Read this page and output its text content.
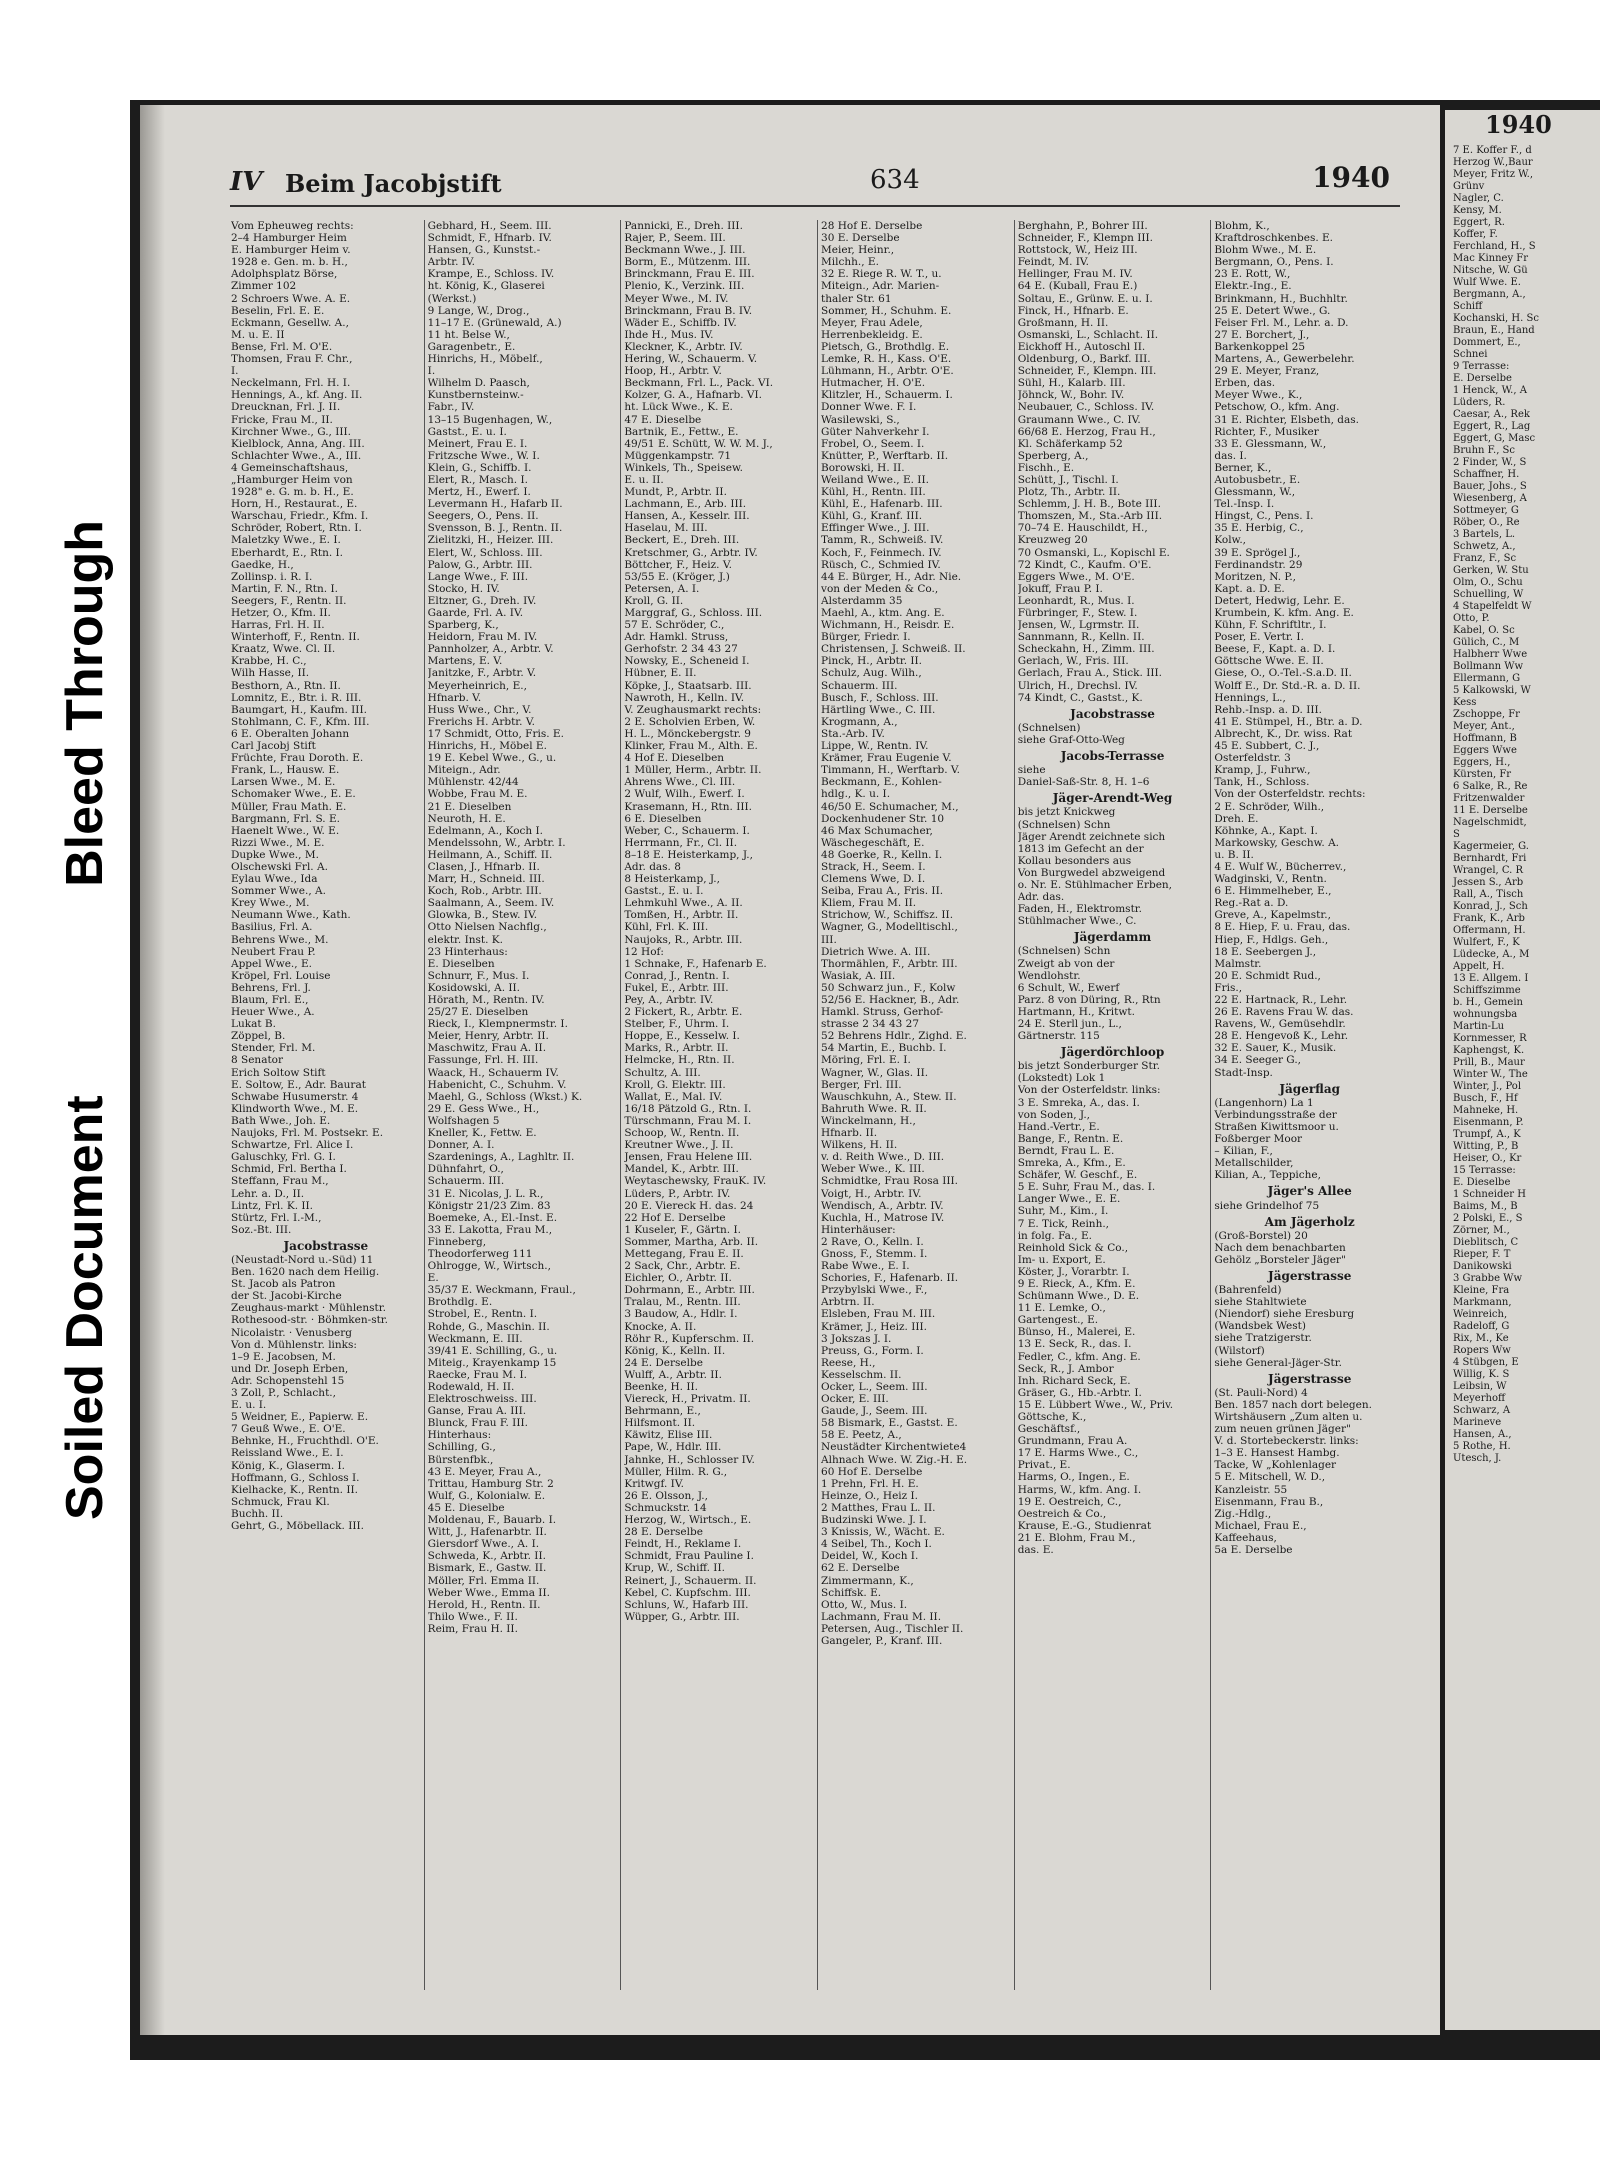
Soiled Document
Bleed Through
IV Beim Jacobjstift	634	1940
Vom Epheuweg rechts:
2–4 Hamburger Heim
E. Hamburger Heim v.
1928 e. Gen. m. b. H.,
Adolphsplatz Börse,
Zimmer 102
2 Schroers Wwe. A. E.
Beselin, Frl. E. E.
Eckmann, Gesellw. A.,
M. u. E. II
Bense, Frl. M. O'E.
Thomsen, Frau F. Chr.,
I.
Neckelmann, Frl. H. I.
Hennings, A., kf. Ang. II.
Dreucknan, Frl. J. II.
Fricke, Frau M., II.
Kirchner Wwe., G., III.
Kielblock, Anna, Ang. III.
Schlachter Wwe., A., III.
4 Gemeinschaftshaus,
„Hamburger Heim von
1928" e. G. m. b. H., E.
Horn, H., Restaurat., E.
Warschau, Friedr., Kfm. I.
Schröder, Robert, Rtn. I.
Maletzky Wwe., E. I.
Eberhardt, E., Rtn. I.
Gaedke, H.,
Zollinsp. i. R. I.
Martin, F. N., Rtn. I.
Seegers, F., Rentn. II.
Hetzer, O., Kfm. II.
Harras, Frl. H. II.
Winterhoff, F., Rentn. II.
Kraatz, Wwe. Cl. II.
Krabbe, H. C.,
Wilh Hasse, II.
Besthorn, A., Rtn. II.
Lomnitz, E., Btr. i. R. III.
Baumgart, H., Kaufm. III.
Stohlmann, C. F., Kfm. III.
6 E. Oberalten Johann
Carl Jacobj Stift
Früchte, Frau Doroth. E.
Frank, L., Hausw. E.
Larsen Wwe., M. E.
Schomaker Wwe., E. E.
Müller, Frau Math. E.
Bargmann, Frl. S. E.
Haenelt Wwe., W. E.
Rizzi Wwe., M. E.
Dupke Wwe., M.
Olschewski Frl. A.
Eylau Wwe., Ida
Sommer Wwe., A.
Krey Wwe., M.
Neumann Wwe., Kath.
Basilius, Frl. A.
Behrens Wwe., M.
Neubert Frau P.
Appel Wwe., E.
Kröpel, Frl. Louise
Behrens, Frl. J.
Blaum, Frl. E.,
Heuer Wwe., A.
Lukat B.
Zöppel, B.
Stender, Frl. M.
8 Senator
Erich Soltow Stift
E. Soltow, E., Adr. Baurat
Schwabe Husumerstr. 4
Klindworth Wwe., M. E.
Bath Wwe., Joh. E.
Naujoks, Frl. M. Postsekr. E.
Schwartze, Frl. Alice I.
Galuschky, Frl. G. I.
Schmid, Frl. Bertha I.
Steffann, Frau M.,
Lehr. a. D., II.
Lintz, Frl. K. II.
Stürtz, Frl. I.-M.,
Soz.-Bt. III.
Jacobstrasse
(Neustadt-Nord u.-Süd) 11
Ben. 1620 nach dem Heilig.
St. Jacob als Patron
der St. Jacobi-Kirche
Zeughaus-markt · Mühlenstr.
Rothesood-str. · Böhmken-str.
Nicolaistr. · Venusberg
Von d. Mühlenstr. links:
1–9 E. Jacobsen, M.
und Dr. Joseph Erben,
Adr. Schopenstehl 15
3 Zoll, P., Schlacht.,
E. u. I.
5 Weidner, E., Papierw. E.
7 Geuß Wwe., E. O'E.
Behnke, H., Fruchthdl. O'E.
Reissland Wwe., E. I.
König, K., Glaserm. I.
Hoffmann, G., Schloss I.
Kielhacke, K., Rentn. II.
Schmuck, Frau Kl.
Buchh. II.
Gehrt, G., Möbellack. III.
Gebhard, H., Seem. III.
Schmidt, F., Hfnarb. IV.
Hansen, G., Kunstst.-
Arbtr. IV.
Krampe, E., Schloss. IV.
ht. König, K., Glaserei
(Werkst.)
9 Lange, W., Drog.,
11–17 E. (Grünewald, A.)
11 ht. Belse W.,
Garagenbetr., E.
Hinrichs, H., Möbelf.,
I.
Wilhelm D. Paasch,
Kunstbernsteinw.-
Fabr., IV.
13–15 Bugenhagen, W.,
Gastst., E. u. I.
Meinert, Frau E. I.
Fritzsche Wwe., W. I.
Klein, G., Schiffb. I.
Elert, R., Masch. I.
Mertz, H., Ewerf. I.
Levermann H., Hafarb II.
Seegers, O., Pens. II.
Svensson, B. J., Rentn. II.
Zielitzki, H., Heizer. III.
Elert, W., Schloss. III.
Palow, G., Arbtr. III.
Lange Wwe., F. III.
Stocko, H. IV.
Eltzner, G., Dreh. IV.
Gaarde, Frl. A. IV.
Sparberg, K.,
Heidorn, Frau M. IV.
Pannholzer, A., Arbtr. V.
Martens, E. V.
Janitzke, F., Arbtr. V.
Meyerheinrich, E.,
Hfnarb. V.
Huss Wwe., Chr., V.
Frerichs H. Arbtr. V.
17 Schmidt, Otto, Fris. E.
Hinrichs, H., Möbel E.
19 E. Kebel Wwe., G., u.
Miteign., Adr.
Mühlenstr. 42/44
Wobbe, Frau M. E.
21 E. Dieselben
Neuroth, H. E.
Edelmann, A., Koch I.
Mendelssohn, W., Arbtr. I.
Heilmann, A., Schiff. II.
Clasen, J., Hfnarb. II.
Marr, H., Schneid. III.
Koch, Rob., Arbtr. III.
Saalmann, A., Seem. IV.
Glowka, B., Stew. IV.
Otto Nielsen Nachflg.,
elektr. Inst. K.
23 Hinterhaus:
E. Dieselben
Schnurr, F., Mus. I.
Kosidowski, A. II.
Hörath, M., Rentn. IV.
25/27 E. Dieselben
Rieck, I., Klempnermstr. I.
Meier, Henry, Arbtr. II.
Maschwitz, Frau A. II.
Fassunge, Frl. H. III.
Waack, H., Schauerm IV.
Habenicht, C., Schuhm. V.
Maehl, G., Schloss (Wkst.) K.
29 E. Gess Wwe., H.,
Wolfshagen 5
Kneller, K., Fettw. E.
Donner, A. I.
Szardenings, A., Laghltr. II.
Dühnfahrt, O.,
Schauerm. III.
31 E. Nicolas, J. L. R.,
Königstr 21/23 Zim. 83
Boemeke, A., El.-Inst. E.
33 E. Lakotta, Frau M.,
Finneberg,
Theodorferweg 111
Ohlrogge, W., Wirtsch.,
E.
35/37 E. Weckmann, Fraul.,
Brothdlg. E.
Strobel, E., Rentn. I.
Rohde, G., Maschin. II.
Weckmann, E. III.
39/41 E. Schilling, G., u.
Miteig., Krayenkamp 15
Raecke, Frau M. I.
Rodewald, H. II.
Elektroschweiss. III.
Ganse, Frau A. III.
Blunck, Frau F. III.
Hinterhaus:
Schilling, G.,
Bürstenfbk.,
43 E. Meyer, Frau A.,
Trittau, Hamburg Str. 2
Wulf, G., Kolonialw. E.
45 E. Dieselbe
Moldenau, F., Bauarb. I.
Witt, J., Hafenarbtr. II.
Giersdorf Wwe., A. I.
Schweda, K., Arbtr. II.
Bismark, E., Gastw. II.
Möller, Frl. Emma II.
Weber Wwe., Emma II.
Herold, H., Rentn. II.
Thilo Wwe., F. II.
Reim, Frau H. II.
Pannicki, E., Dreh. III.
Rajer, P., Seem. III.
Beckmann Wwe., J. III.
Borm, E., Mützenm. III.
Brinckmann, Frau E. III.
Plenio, K., Verzink. III.
Meyer Wwe., M. IV.
Brinckmann, Frau B. IV.
Wäder E., Schiffb. IV.
Ihde H., Mus. IV.
Kleckner, K., Arbtr. IV.
Hering, W., Schauerm. V.
Hoop, H., Arbtr. V.
Beckmann, Frl. L., Pack. VI.
Kolzer, G. A., Hafnarb. VI.
ht. Lück Wwe., K. E.
47 E. Dieselbe
Bartnik, E., Fettw., E.
49/51 E. Schütt, W. W. M. J.,
Müggenkampstr. 71
Winkels, Th., Speisew.
E. u. II.
Mundt, P., Arbtr. II.
Lachmann, E., Arb. III.
Hansen, A., Kesselr. III.
Haselau, M. III.
Beckert, E., Dreh. III.
Kretschmer, G., Arbtr. IV.
Böttcher, F., Heiz. V.
53/55 E. (Kröger, J.)
Petersen, A. I.
Kroll, G. II.
Marggraf, G., Schloss. III.
57 E. Schröder, C.,
Adr. Hamkl. Struss,
Gerhofstr. 2 34 43 27
Nowsky, E., Scheneid I.
Hübner, E. II.
Köpke, J., Staatsarb. III.
Nawroth, H., Kelln. IV.
V. Zeughausmarkt rechts:
2 E. Scholvien Erben, W.
H. L., Mönckebergstr. 9
Klinker, Frau M., Alth. E.
4 Hof E. Dieselben
1 Müller, Herm., Arbtr. II.
Ahrens Wwe., Cl. III.
2 Wulf, Wilh., Ewerf. I.
Krasemann, H., Rtn. III.
6 E. Dieselben
Weber, C., Schauerm. I.
Herrmann, Fr., Cl. II.
8–18 E. Heisterkamp, J.,
Adr. das. 8
8 Heisterkamp, J.,
Gastst., E. u. I.
Lehmkuhl Wwe., A. II.
Tomßen, H., Arbtr. II.
Kühl, Frl. K. III.
Naujoks, R., Arbtr. III.
12 Hof:
1 Schnake, F., Hafenarb E.
Conrad, J., Rentn. I.
Fukel, E., Arbtr. III.
Pey, A., Arbtr. IV.
2 Fickert, R., Arbtr. E.
Stelber, F., Uhrm. I.
Hoppe, E., Kesselw. I.
Marks, R., Arbtr. II.
Helmcke, H., Rtn. II.
Schultz, A. III.
Kroll, G. Elektr. III.
Wallat, E., Mal. IV.
16/18 Pätzold G., Rtn. I.
Türschmann, Frau M. I.
Schoop, W., Rentn. II.
Kreutner Wwe., J. II.
Jensen, Frau Helene III.
Mandel, K., Arbtr. III.
Weytaschewsky, FrauK. IV.
Lüders, P., Arbtr. IV.
20 E. Viereck H. das. 24
22 Hof E. Derselbe
1 Kuseler, F., Gärtn. I.
Sommer, Martha, Arb. II.
Mettegang, Frau E. II.
2 Sack, Chr., Arbtr. E.
Eichler, O., Arbtr. II.
Dohrmann, E., Arbtr. III.
Tralau, M., Rentn. III.
3 Baudow, A., Hdlr. I.
Knocke, A. II.
Röhr R., Kupferschm. II.
König, K., Kelln. II.
24 E. Derselbe
Wulff, A., Arbtr. II.
Beenke, H. II.
Viereck, H., Privatm. II.
Behrmann, E.,
Hilfsmont. II.
Käwitz, Elise III.
Pape, W., Hdlr. III.
Jahnke, H., Schlosser IV.
Müller, Hilm. R. G.,
Kritwgf. IV.
26 E. Olsson, J.,
Schmuckstr. 14
Herzog, W., Wirtsch., E.
28 E. Derselbe
Feindt, H., Reklame I.
Schmidt, Frau Pauline I.
Krup, W., Schiff. II.
Reinert, J., Schauerm. II.
Kebel, C. Kupfschm. III.
Schluns, W., Hafarb III.
Wüpper, G., Arbtr. III.
28 Hof E. Derselbe
30 E. Derselbe
Meier, Heinr.,
Milchh., E.
32 E. Riege R. W. T., u.
Miteign., Adr. Marien-
thaler Str. 61
Sommer, H., Schuhm. E.
Meyer, Frau Adele,
Herrenbekleidg. E.
Pietsch, G., Brothdlg. E.
Lemke, R. H., Kass. O'E.
Lühmann, H., Arbtr. O'E.
Hutmacher, H. O'E.
Klitzler, H., Schauerm. I.
Donner Wwe. F. I.
Wasilewski, S.,
Güter Nahverkehr I.
Frobel, O., Seem. I.
Knütter, P., Werftarb. II.
Borowski, H. II.
Weiland Wwe., E. II.
Kühl, H., Rentn. III.
Kühl, E., Hafenarb. III.
Kühl, G., Kranf. III.
Effinger Wwe., J. III.
Tamm, R., Schweiß. IV.
Koch, F., Feinmech. IV.
Rüsch, C., Schmied IV.
44 E. Bürger, H., Adr. Nie.
von der Meden & Co.,
Alsterdamm 35
Maehl, A., ktm. Ang. E.
Wichmann, H., Reisdr. E.
Bürger, Friedr. I.
Christensen, J. Schweiß. II.
Pinck, H., Arbtr. II.
Schulz, Aug. Wilh.,
Schauerm. III.
Busch, F., Schloss. III.
Härtling Wwe., C. III.
Krogmann, A.,
Sta.-Arb. IV.
Lippe, W., Rentn. IV.
Krämer, Frau Eugenie V.
Timmann, H., Werftarb. V.
Beckmann, E., Kohlen-
hdlg., K. u. I.
46/50 E. Schumacher, M.,
Dockenhudener Str. 10
46 Max Schumacher,
Wäschegeschäft, E.
48 Goerke, R., Kelln. I.
Strack, H., Seem. I.
Clemens Wwe, D. I.
Seiba, Frau A., Fris. II.
Kliem, Frau M. II.
Strichow, W., Schiffsz. II.
Wagner, G., Modelltischl.,
III.
Dietrich Wwe. A. III.
Thormählen, F., Arbtr. III.
Wasiak, A. III.
50 Schwarz jun., F., Kolw
52/56 E. Hackner, B., Adr.
Hamkl. Struss, Gerhof-
strasse 2 34 43 27
52 Behrens Hdlr., Zighd. E.
54 Martin, E., Buchb. I.
Möring, Frl. E. I.
Wagner, W., Glas. II.
Berger, Frl. III.
Wauschkuhn, A., Stew. II.
Bahruth Wwe. R. II.
Winckelmann, H.,
Hfnarb. II.
Wilkens, H. II.
v. d. Reith Wwe., D. III.
Weber Wwe., K. III.
Schmidtke, Frau Rosa III.
Voigt, H., Arbtr. IV.
Wendisch, A., Arbtr. IV.
Kuchla, H., Matrose IV.
Hinterhäuser:
2 Rave, O., Kelln. I.
Gnoss, F., Stemm. I.
Rabe Wwe., E. I.
Schories, F., Hafenarb. II.
Przybylski Wwe., F.,
Arbtrn. II.
Elsleben, Frau M. III.
Krämer, J., Heiz. III.
3 Jokszas J. I.
Preuss, G., Form. I.
Reese, H.,
Kesselschm. II.
Ocker, L., Seem. III.
Ocker, E. III.
Gaude, J., Seem. III.
58 Bismark, E., Gastst. E.
58 E. Peetz, A.,
Neustädter Kirchentwiete4
Alhnach Wwe. W. Zig.-H. E.
60 Hof E. Derselbe
1 Prehn, Frl. H. E.
Heinze, O., Heiz I.
2 Matthes, Frau L. II.
Budzinski Wwe. J. I.
3 Knissis, W., Wächt. E.
4 Seibel, Th., Koch I.
Deidel, W., Koch I.
62 E. Derselbe
Zimmermann, K.,
Schiffsk. E.
Otto, W., Mus. I.
Lachmann, Frau M. II.
Petersen, Aug., Tischler II.
Gangeler, P., Kranf. III.
Berghahn, P., Bohrer III.
Schneider, F., Klempn III.
Rottstock, W., Heiz III.
Feindt, M. IV.
Hellinger, Frau M. IV.
64 E. (Kuball, Frau E.)
Soltau, E., Grünw. E. u. I.
Finck, H., Hfnarb. E.
Großmann, H. II.
Osmanski, L., Schlacht. II.
Eickhoff H., Autoschl II.
Oldenburg, O., Barkf. III.
Schneider, F., Klempn. III.
Sühl, H., Kalarb. III.
Jöhnck, W., Bohr. IV.
Neubauer, C., Schloss. IV.
Graumann Wwe., C. IV.
66/68 E. Herzog, Frau H.,
Kl. Schäferkamp 52
Sperberg, A.,
Fischh., E.
Schütt, J., Tischl. I.
Plotz, Th., Arbtr. II.
Schlemm, J. H. B., Bote III.
Thomszen, M., Sta.-Arb III.
70–74 E. Hauschildt, H.,
Kreuzweg 20
70 Osmanski, L., Kopischl E.
72 Kindt, C., Kaufm. O'E.
Eggers Wwe., M. O'E.
Jokuff, Frau P. I.
Leonhardt, R., Mus. I.
Fürbringer, F., Stew. I.
Jensen, W., Lgrmstr. II.
Sannmann, R., Kelln. II.
Scheckahn, H., Zimm. III.
Gerlach, W., Fris. III.
Gerlach, Frau A., Stick. III.
Ulrich, H., Drechsl. IV.
74 Kindt, C., Gastst., K.
Jacobstrasse
(Schnelsen)
siehe Graf-Otto-Weg
Jacobs-Terrasse
siehe
Daniel-Saß-Str. 8, H. 1–6
Jäger-Arendt-Weg
bis jetzt Knickweg
(Schnelsen) Schn
Jäger Arendt zeichnete sich
1813 im Gefecht an der
Kollau besonders aus
Von Burgwedel abzweigend
o. Nr. E. Stühlmacher Erben,
Adr. das.
Faden, H., Elektromstr.
Stühlmacher Wwe., C.
Jägerdamm
(Schnelsen) Schn
Zweigt ab von der
Wendlohstr.
6 Schult, W., Ewerf
Parz. 8 von Düring, R., Rtn
Hartmann, H., Kritwt.
24 E. Sterll jun., L.,
Gärtnerstr. 115
Jägerdörchloop
bis jetzt Sonderburger Str.
(Lokstedt) Lok 1
Von der Osterfeldstr. links:
3 E. Smreka, A., das. I.
von Soden, J.,
Hand.-Vertr., E.
Bange, F., Rentn. E.
Berndt, Frau L. E.
Smreka, A., Kfm., E.
Schäfer, W. Geschf., E.
5 E. Suhr, Frau M., das. I.
Langer Wwe., E. E.
Suhr, M., Kim., I.
7 E. Tick, Reinh.,
in folg. Fa., E.
Reinhold Sick & Co.,
Im- u. Export, E.
Köster, J., Vorarbtr. I.
9 E. Rieck, A., Kfm. E.
Schümann Wwe., D. E.
11 E. Lemke, O.,
Gartengest., E.
Bünso, H., Malerei, E.
13 E. Seck, R., das. I.
Fedler, C., kfm. Ang. E.
Seck, R., J. Ambor
Inh. Richard Seck, E.
Gräser, G., Hb.-Arbtr. I.
15 E. Lübbert Wwe., W., Priv.
Göttsche, K.,
Geschäftsf.,
Grundmann, Frau A.
17 E. Harms Wwe., C.,
Privat., E.
Harms, O., Ingen., E.
Harms, W., kfm. Ang. I.
19 E. Oestreich, C.,
Oestreich & Co.,
Krause, E.-G., Studienrat
21 E. Blohm, Frau M.,
das. E.
Blohm, K.,
Kraftdroschkenbes. E.
Blohm Wwe., M. E.
Bergmann, O., Pens. I.
23 E. Rott, W.,
Elektr.-Ing., E.
Brinkmann, H., Buchhltr.
25 E. Detert Wwe., G.
Feiser Frl. M., Lehr. a. D.
27 E. Borchert, J.,
Barkenkoppel 25
Martens, A., Gewerbelehr.
29 E. Meyer, Franz,
Erben, das.
Meyer Wwe., K.,
Petschow, O., kfm. Ang.
31 E. Richter, Elsbeth, das.
Richter, F., Musiker
33 E. Glessmann, W.,
das. I.
Berner, K.,
Autobusbetr., E.
Glessmann, W.,
Tel.-Insp. I.
Hingst, C., Pens. I.
35 E. Herbig, C.,
Kolw.,
39 E. Sprögel J.,
Ferdinandstr. 29
Moritzen, N. P.,
Kapt. a. D. E.
Detert, Hedwig, Lehr. E.
Krumbein, K. kfm. Ang. E.
Kühn, F. Schriftltr., I.
Poser, E. Vertr. I.
Beese, F., Kapt. a. D. I.
Göttsche Wwe. E. II.
Giese, O., O.-Tel.-S.a.D. II.
Wolff E., Dr. Std.-R. a. D. II.
Hennings, L.,
Rehb.-Insp. a. D. III.
41 E. Stümpel, H., Btr. a. D.
Albrecht, K., Dr. wiss. Rat
45 E. Subbert, C. J.,
Osterfeldstr. 3
Kramp, J., Fuhrw.,
Tank, H., Schloss.
Von der Osterfeldstr. rechts:
2 E. Schröder, Wilh.,
Dreh. E.
Köhnke, A., Kapt. I.
Markowsky, Geschw. A.
u. B. II.
4 E. Wulf W., Bücherrev.,
Wadginski, V., Rentn.
6 E. Himmelheber, E.,
Reg.-Rat a. D.
Greve, A., Kapelmstr.,
8 E. Hiep, F. u. Frau, das.
Hiep, F., Hdlgs. Geh.,
18 E. Seebergen J.,
Malmstr.
20 E. Schmidt Rud.,
Fris.,
22 E. Hartnack, R., Lehr.
26 E. Ravens Frau W. das.
Ravens, W., Gemüsehdlr.
28 E. Hengevoß K., Lehr.
32 E. Sauer, K., Musik.
34 E. Seeger G.,
Stadt-Insp.
Jägerflag
(Langenhorn) La 1
Verbindungsstraße der
Straßen Kiwittsmoor u.
Foßberger Moor
– Kilian, F.,
Metallschilder,
Kilian, A., Teppiche,
Jäger's Allee
siehe Grindelhof 75
Am Jägerholz
(Groß-Borstel) 20
Nach dem benachbarten
Gehölz „Borsteler Jäger"
Jägerstrasse
(Bahrenfeld)
siehe Stahltwiete
(Niendorf) siehe Eresburg
(Wandsbek West)
siehe Tratzigerstr.
(Wilstorf)
siehe General-Jäger-Str.
Jägerstrasse
(St. Pauli-Nord) 4
Ben. 1857 nach dort belegen.
Wirtshäusern „Zum alten u.
zum neuen grünen Jäger"
V. d. Stortebeckerstr. links:
1–3 E. Hansest Hambg.
Tacke, W „Kohlenlager
5 E. Mitschell, W. D.,
Kanzleistr. 55
Eisenmann, Frau B.,
Zig.-Hdlg.,
Michael, Frau E.,
Kaffeehaus,
5a E. Derselbe
1940
7 E. Koffer F., d
Herzog W.,Baur
Meyer, Fritz W.,
Grünv
Nagler, C.
Kensy, M.
Eggert, R.
Koffer, F.
Ferchland, H., S
Mac Kinney Fr
Nitsche, W. Gü
Wulf Wwe. E.
Bergmann, A.,
Schiff
Kochanski, H. Sc
Braun, E., Hand
Dommert, E.,
Schnei
9 Terrasse:
E. Derselbe
1 Henck, W., A
Lüders, R.
Caesar, A., Rek
Eggert, R., Lag
Eggert, G, Masc
Bruhn F., Sc
2 Finder, W., S
Schaffner, H.
Bauer, Johs., S
Wiesenberg, A
Sottmeyer, G
Röber, O., Re
3 Bartels, L.
Schwetz, A.,
Franz, F., Sc
Gerken, W. Stu
Olm, O., Schu
Schuelling, W
4 Stapelfeldt W
Otto, P.
Kabel, O. Sc
Gülich, C., M
Halbherr Wwe
Bollmann Ww
Ellermann, G
5 Kalkowski, W
Kess
Zschoppe, Fr
Meyer, Ant.,
Hoffmann, B
Eggers Wwe
Eggers, H.,
Kürsten, Fr
6 Salke, R., Re
Fritzenwalder
11 E. Derselbe
Nagelschmidt,
S
Kagermeier, G.
Bernhardt, Fri
Wrangel, C. R
Jessen S., Arb
Rall, A., Tisch
Konrad, J., Sch
Frank, K., Arb
Offermann, H.
Wulfert, F., K
Lüdecke, A., M
Appelt, H.
13 E. Allgem. I
Schiffszimme
b. H., Gemein
wohnungsba
Martin-Lu
Kornmesser, R
Kaphengst, K.
Prill, B., Maur
Winter W., The
Winter, J., Pol
Busch, F., Hf
Mahneke, H.
Eisenmann, P.
Trumpf, A., K
Witting, P., B
Heiser, O., Kr
15 Terrasse:
E. Dieselbe
1 Schneider H
Baims, M., B
2 Polski, E., S
Zörner, M.,
Dieblitsch, C
Rieper, F. T
Danikowski
3 Grabbe Ww
Kleine, Fra
Markmann,
Weinreich,
Radeloff, G
Rix, M., Ke
Ropers Ww
4 Stübgen, E
Willig, K. S
Leibsin, W
Meyerhoff
Schwarz, A
Marineve
Hansen, A.,
5 Rothe, H.
Utesch, J.
